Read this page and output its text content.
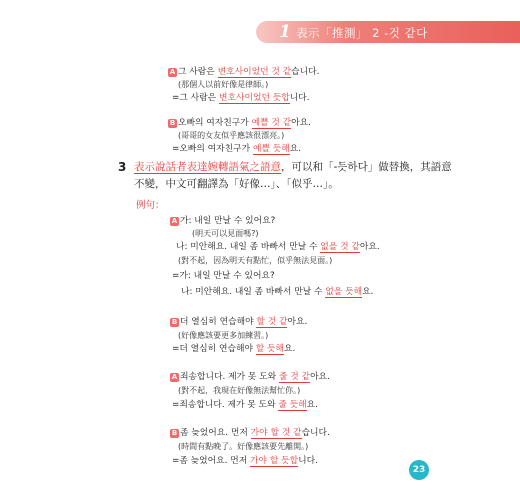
1 表示「推測」 2 -것 같다
A 그 사람은 변호사이었던 것 같습니다.
(那個人以前好像是律師。)
=그 사람은 변호사이었던 듯합니다.
B 오빠의 여자친구가 예쁠 것 같아요.
(哥哥的女友似乎應該很漂亮。)
=오빠의 여자친구가 예쁠 듯해요.
3 表示說話者表達婉轉語氣之語意，可以和「-듯하다」做替換，其語意
不變，中文可翻譯為「好像…」、「似乎…」。
例句：
A 가: 내일 만날 수 있어요?
(明天可以見面嗎?)
나: 미안해요. 내일 좀 바빠서 만날 수 없을 것 같아요.
(對不起，因為明天有點忙，似乎無法見面。)
=가: 내일 만날 수 있어요?
나: 미안해요. 내일 좀 바빠서 만날 수 없을 듯해요.
B 더 열심히 연습해야 할 것 같아요.
(好像應該要更多加練習。)
=더 열심히 연습해야 할 듯해요.
A 죄송합니다. 제가 못 도와 줄 것 같아요.
(對不起，我現在好像無法幫忙你。)
=죄송합니다. 제가 못 도와 줄 듯해요.
B 좀 늦었어요. 먼저 가야 할 것 같습니다.
(時間有點晚了。好像應該要先離開。)
=좀 늦었어요. 먼저 가야 할 듯합니다.
23
